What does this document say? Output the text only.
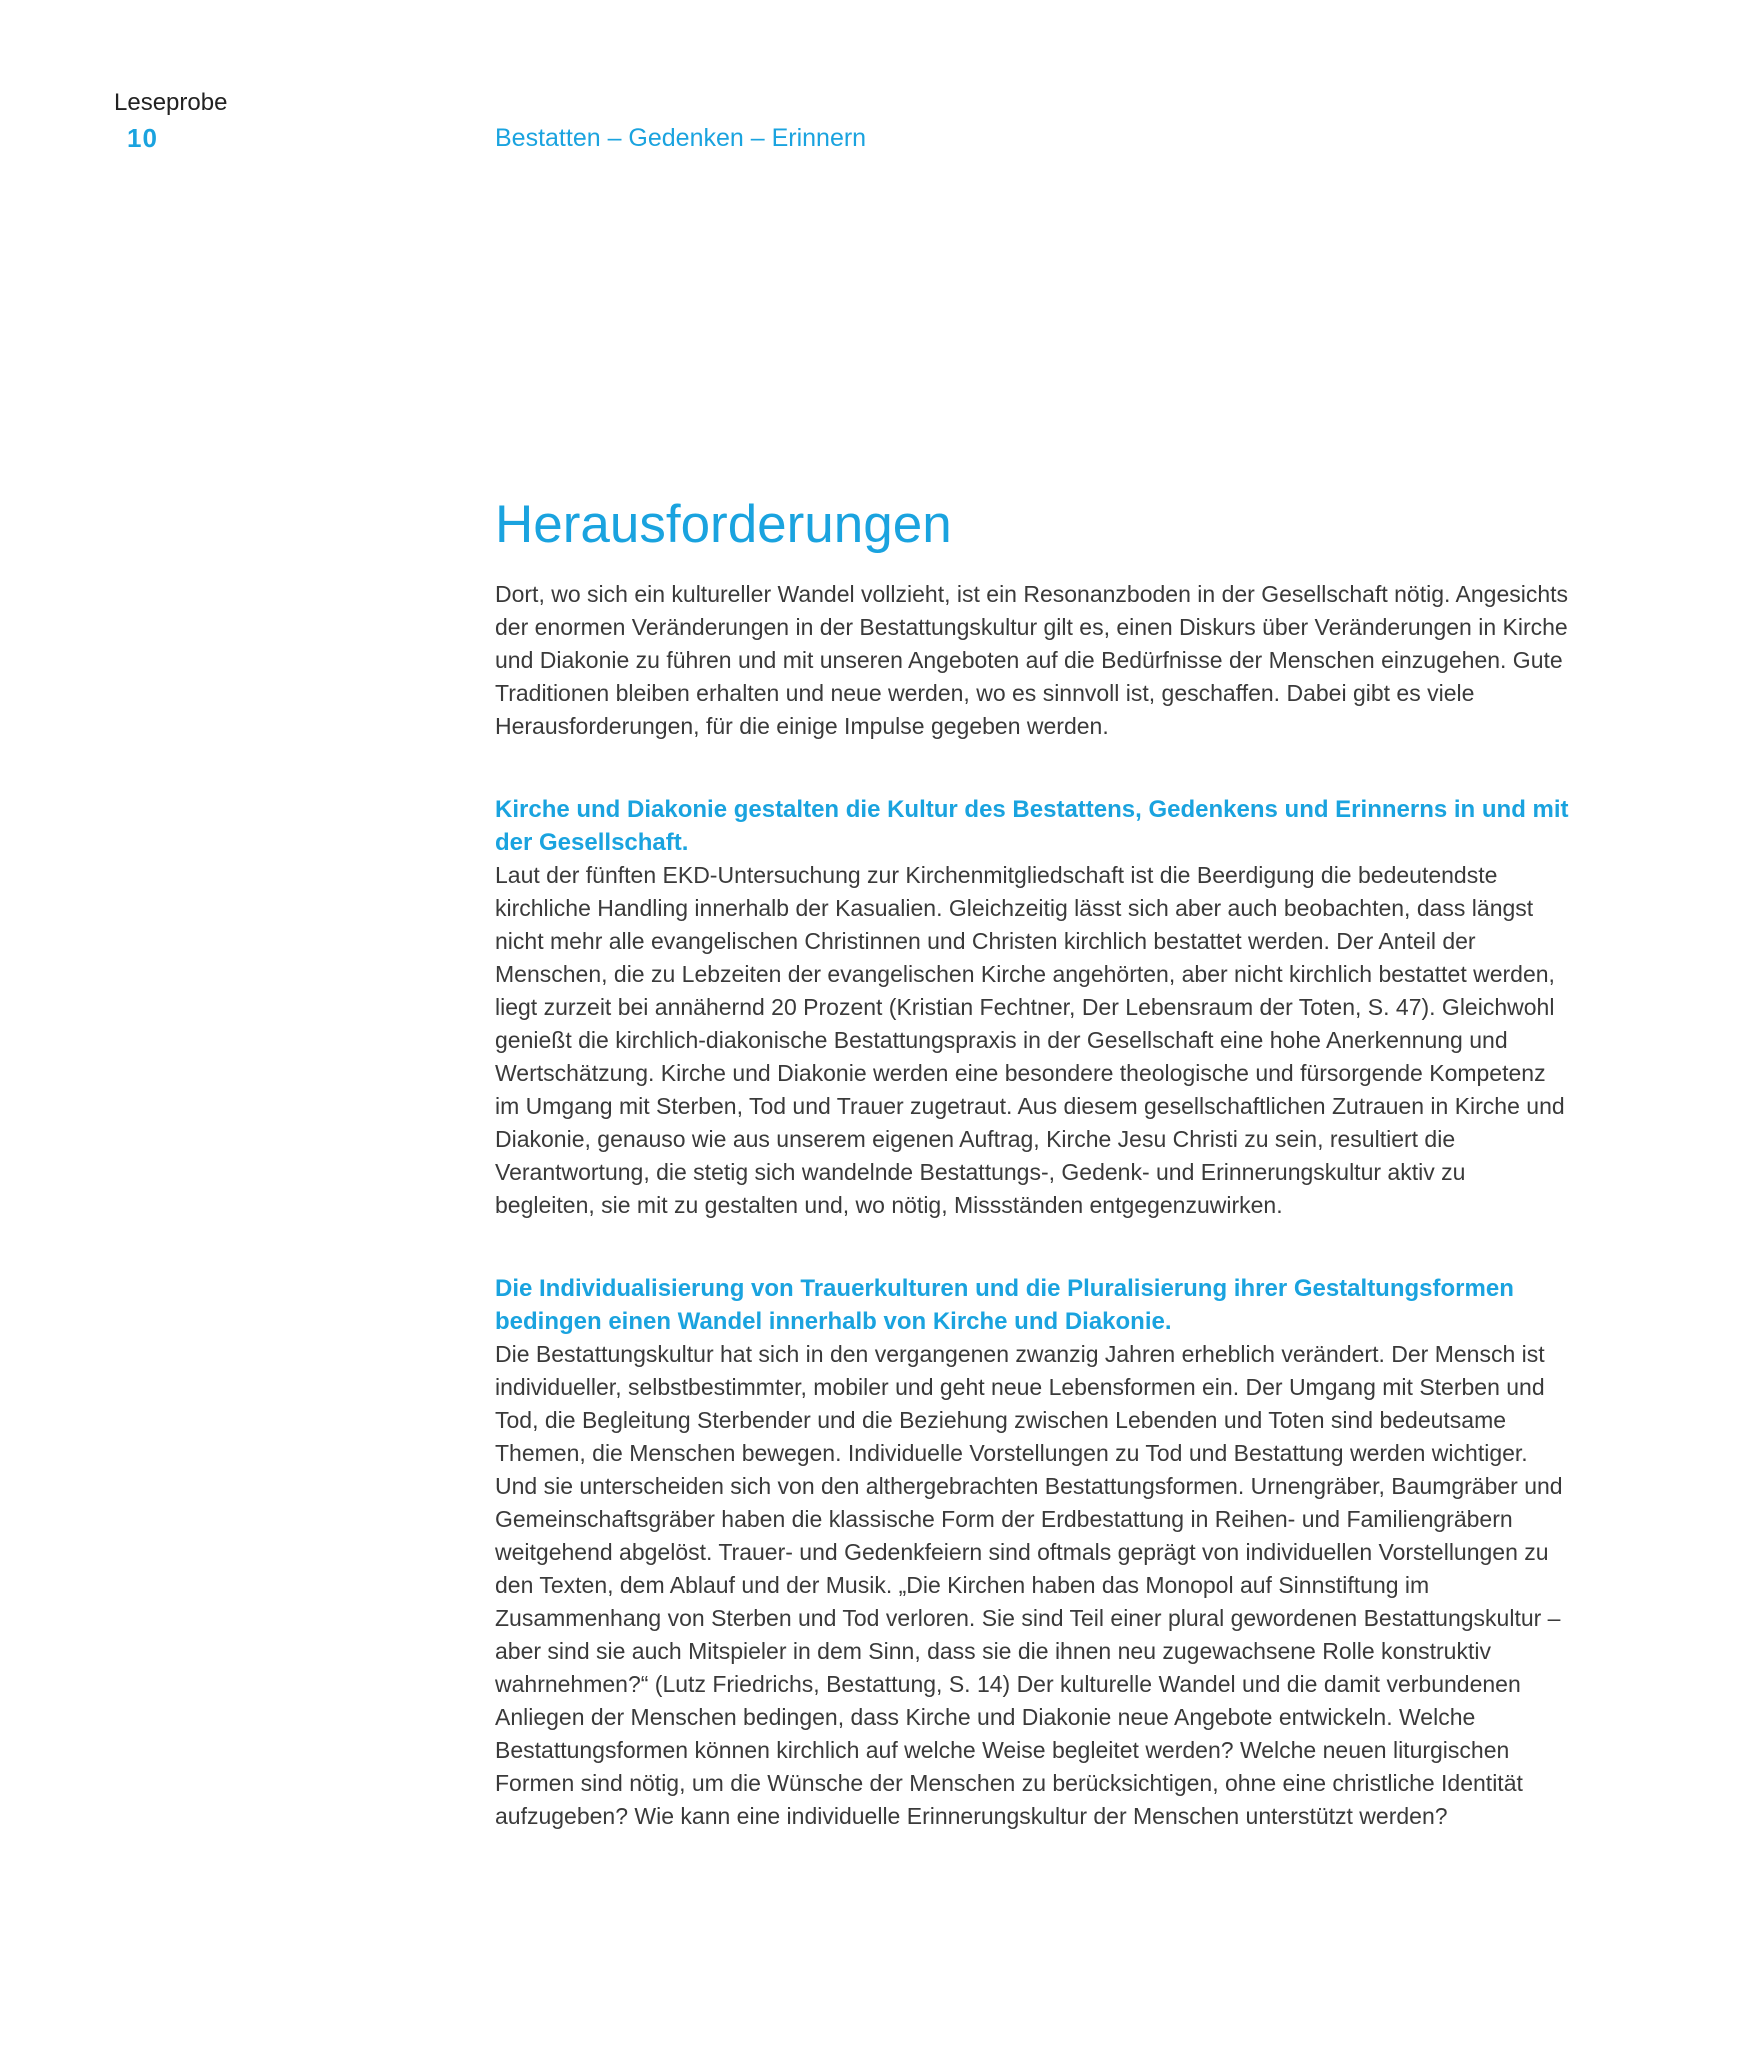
Leseprobe
10	Bestatten – Gedenken – Erinnern
Herausforderungen

Dort, wo sich ein kultureller Wandel vollzieht, ist ein Resonanzboden in der Gesellschaft nötig. Angesichts der enormen Veränderungen in der Bestattungskultur gilt es, einen Diskurs über Veränderungen in Kirche und Diakonie zu führen und mit unseren Angeboten auf die Bedürfnisse der Menschen einzugehen. Gute Traditionen bleiben erhalten und neue werden, wo es sinnvoll ist, geschaffen. Dabei gibt es viele Herausforderungen, für die einige Impulse gegeben werden.

Kirche und Diakonie gestalten die Kultur des Bestattens, Gedenkens und Erinnerns in und mit der Gesellschaft.

Laut der fünften EKD-Untersuchung zur Kirchenmitgliedschaft ist die Beerdigung die bedeutendste kirchliche Handling innerhalb der Kasualien. Gleichzeitig lässt sich aber auch beobachten, dass längst nicht mehr alle evangelischen Christinnen und Christen kirchlich bestattet werden. Der Anteil der Menschen, die zu Lebzeiten der evangelischen Kirche angehörten, aber nicht kirchlich bestattet werden, liegt zurzeit bei annähernd 20 Prozent (Kristian Fechtner, Der Lebensraum der Toten, S. 47). Gleichwohl genießt die kirchlich-diakonische Bestattungspraxis in der Gesellschaft eine hohe Anerkennung und Wertschätzung. Kirche und Diakonie werden eine besondere theologische und fürsorgende Kompetenz im Umgang mit Sterben, Tod und Trauer zugetraut. Aus diesem gesellschaftlichen Zutrauen in Kirche und Diakonie, genauso wie aus unserem eigenen Auftrag, Kirche Jesu Christi zu sein, resultiert die Verantwortung, die stetig sich wandelnde Bestattungs-, Gedenk- und Erinnerungskultur aktiv zu begleiten, sie mit zu gestalten und, wo nötig, Missständen entgegenzuwirken.

Die Individualisierung von Trauerkulturen und die Pluralisierung ihrer Gestaltungsformen bedingen einen Wandel innerhalb von Kirche und Diakonie.

Die Bestattungskultur hat sich in den vergangenen zwanzig Jahren erheblich verändert. Der Mensch ist individueller, selbstbestimmter, mobiler und geht neue Lebensformen ein. Der Umgang mit Sterben und Tod, die Begleitung Sterbender und die Beziehung zwischen Lebenden und Toten sind bedeutsame Themen, die Menschen bewegen. Individuelle Vorstellungen zu Tod und Bestattung werden wichtiger. Und sie unterscheiden sich von den althergebrachten Bestattungsformen. Urnengräber, Baumgräber und Gemeinschaftsgräber haben die klassische Form der Erdbestattung in Reihen- und Familiengräbern weitgehend abgelöst. Trauer- und Gedenkfeiern sind oftmals geprägt von individuellen Vorstellungen zu den Texten, dem Ablauf und der Musik. „Die Kirchen haben das Monopol auf Sinnstiftung im Zusammenhang von Sterben und Tod verloren. Sie sind Teil einer plural gewordenen Bestattungskultur – aber sind sie auch Mitspieler in dem Sinn, dass sie die ihnen neu zugewachsene Rolle konstruktiv wahrnehmen?“ (Lutz Friedrichs, Bestattung, S. 14) Der kulturelle Wandel und die damit verbundenen Anliegen der Menschen bedingen, dass Kirche und Diakonie neue Angebote entwickeln. Welche Bestattungsformen können kirchlich auf welche Weise begleitet werden? Welche neuen liturgischen Formen sind nötig, um die Wünsche der Menschen zu berücksichtigen, ohne eine christliche Identität aufzugeben? Wie kann eine individuelle Erinnerungskultur der Menschen unterstützt werden?
